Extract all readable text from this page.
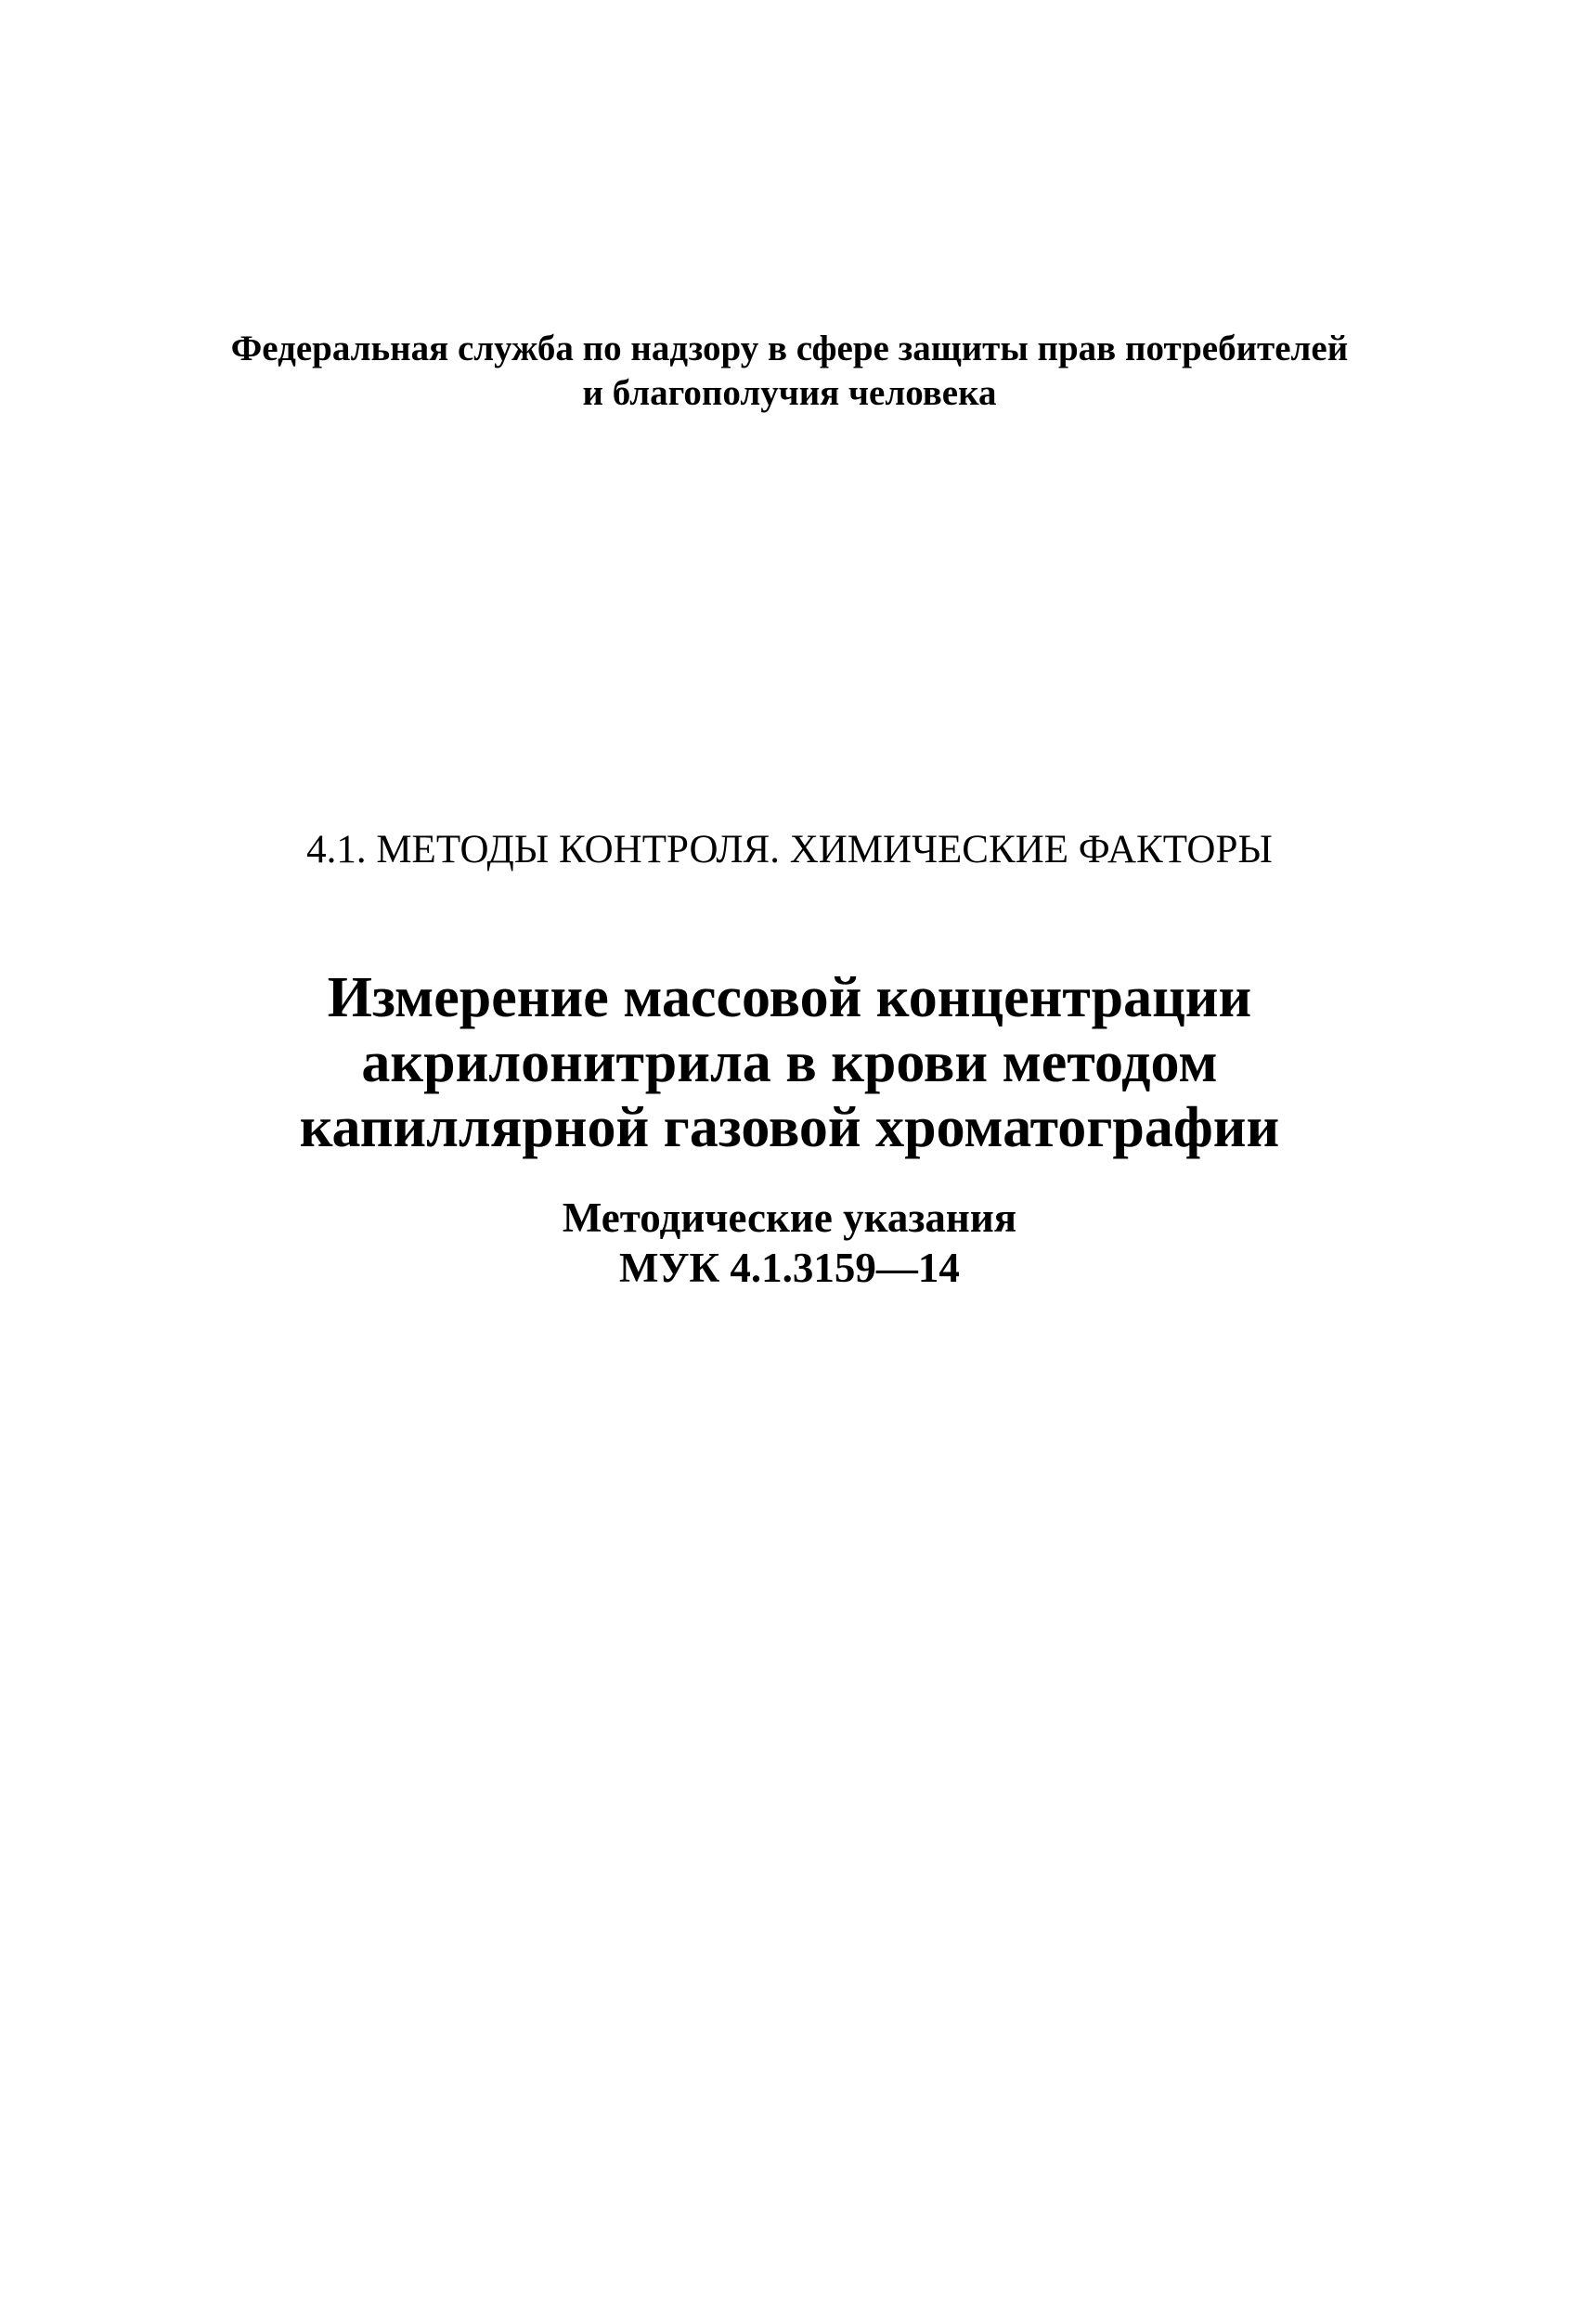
Федеральная служба по надзору в сфере защиты прав потребителей
и благополучия человека
4.1. МЕТОДЫ КОНТРОЛЯ. ХИМИЧЕСКИЕ ФАКТОРЫ
Измерение массовой концентрации
акрилонитрила в крови методом
капиллярной газовой хроматографии
Методические указания
МУК 4.1.3159—14
